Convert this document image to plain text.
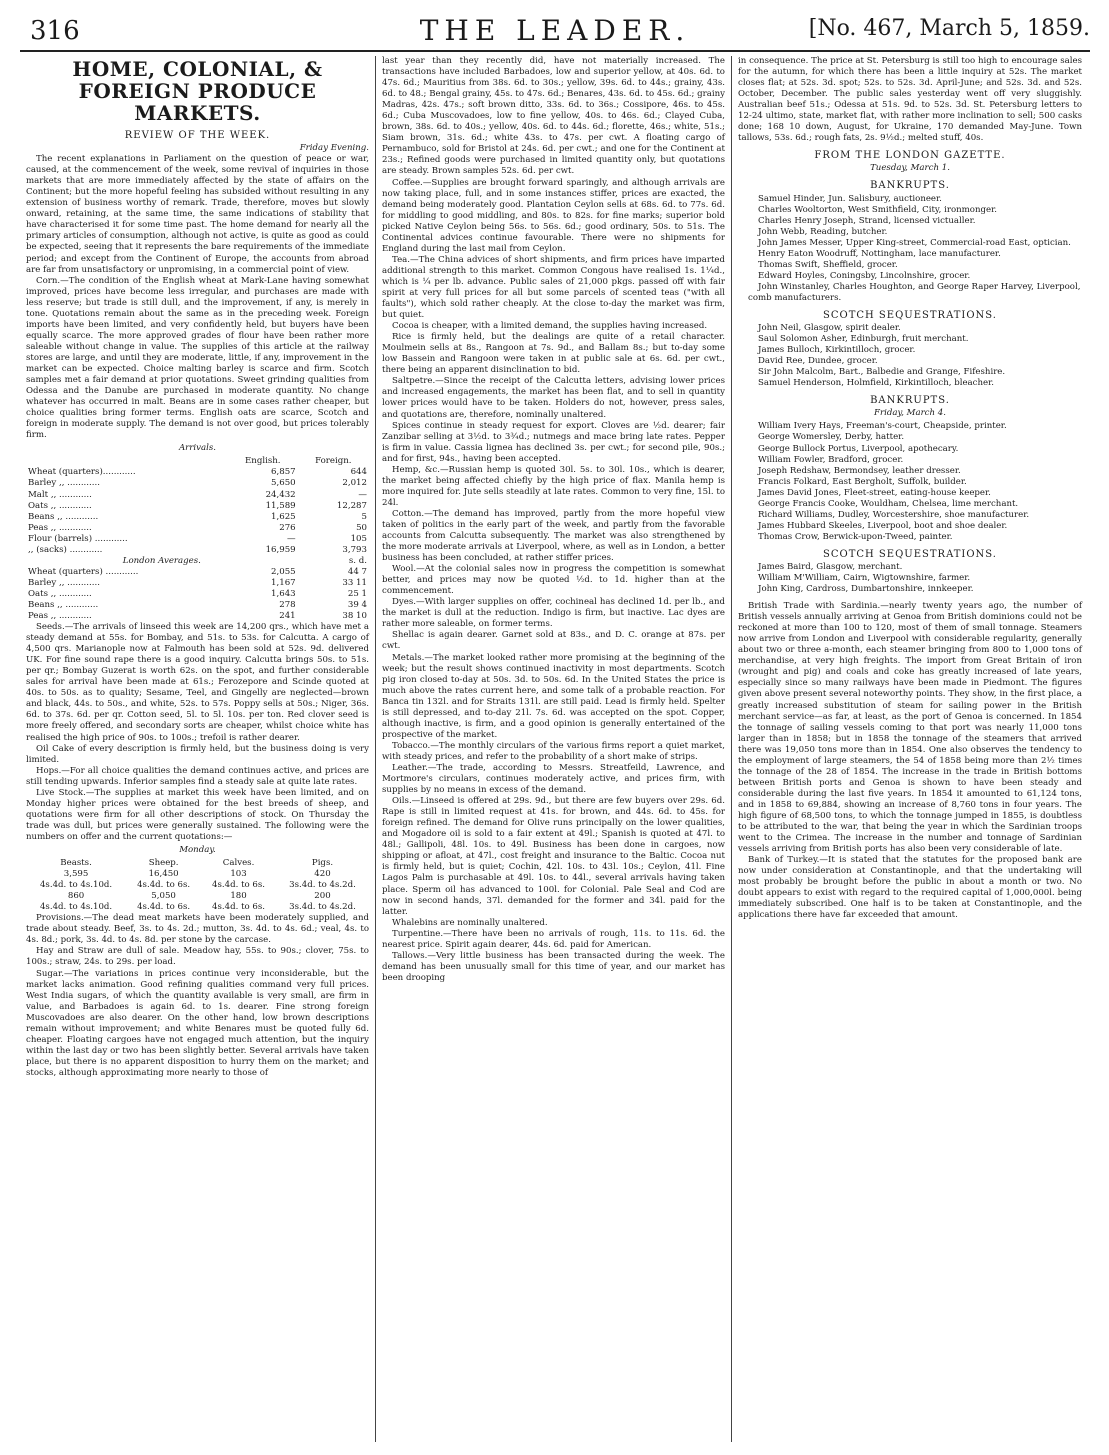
316	THE LEADER.	[No. 467, March 5, 1859.
HOME, COLONIAL, & FOREIGN PRODUCE MARKETS.
REVIEW OF THE WEEK.
Friday Evening.

The recent explanations in Parliament on the question of peace or war, caused, at the commencement of the week, some revival of inquiries in those markets that are more immediately affected by the state of affairs on the Continent; but the more hopeful feeling has subsided without resulting in any extension of business worthy of remark. Trade, therefore, moves but slowly onward, retaining, at the same time, the same indications of stability that have characterised it for some time past. The home demand for nearly all the primary articles of consumption, although not active, is quite as good as could be expected, seeing that it represents the bare requirements of the immediate period; and except from the Continent of Europe, the accounts from abroad are far from unsatisfactory or unpromising, in a commercial point of view.

Corn.—The condition of the English wheat at Mark-Lane having somewhat improved, prices have become less irregular, and purchases are made with less reserve; but trade is still dull, and the improvement, if any, is merely in tone. Quotations remain about the same as in the preceding week. Foreign imports have been limited, and very confidently held, but buyers have been equally scarce. The more approved grades of flour have been rather more saleable without change in value. The supplies of this article at the railway stores are large, and until they are moderate, little, if any, improvement in the market can be expected. Choice malting barley is scarce and firm. Scotch samples met a fair demand at prior quotations. Sweet grinding qualities from Odessa and the Danube are purchased in moderate quantity. No change whatever has occurred in malt. Beans are in some cases rather cheaper, but choice qualities bring former terms. English oats are scarce, Scotch and foreign in moderate supply. The demand is not over good, but prices tolerably firm.

Arrivals.
	English.	Foreign.
Wheat (quarters)............	6,857	644
Barley ,, ............	5,650	2,012
Malt ,, ............	24,432	—
Oats ,, ............	11,589	12,287
Beans ,, ............	1,625	5
Peas ,, ............	276	50
Flour (barrels) ............	—	105
,, (sacks) ............	16,959	3,793
London Averages.		s. d.
Wheat (quarters) ............	2,055	44 7
Barley ,, ............	1,167	33 11
Oats ,, ............	1,643	25 1
Beans ,, ............	278	39 4
Peas ,, ............	241	38 10

Seeds.—The arrivals of linseed this week are 14,200 qrs., which have met a steady demand at 55s. for Bombay, and 51s. to 53s. for Calcutta. A cargo of 4,500 qrs. Marianople now at Falmouth has been sold at 52s. 9d. delivered UK. For fine sound rape there is a good inquiry. Calcutta brings 50s. to 51s. per qr.; Bombay Guzerat is worth 62s. on the spot, and further considerable sales for arrival have been made at 61s.; Ferozepore and Scinde quoted at 40s. to 50s. as to quality; Sesame, Teel, and Gingelly are neglected—brown and black, 44s. to 50s., and white, 52s. to 57s. Poppy sells at 50s.; Niger, 36s. 6d. to 37s. 6d. per qr. Cotton seed, 5l. to 5l. 10s. per ton. Red clover seed is more freely offered, and secondary sorts are cheaper, whilst choice white has realised the high price of 90s. to 100s.; trefoil is rather dearer.

Oil Cake of every description is firmly held, but the business doing is very limited.

Hops.—For all choice qualities the demand continues active, and prices are still tending upwards. Inferior samples find a steady sale at quite late rates.

Live Stock.—The supplies at market this week have been limited, and on Monday higher prices were obtained for the best breeds of sheep, and quotations were firm for all other descriptions of stock. On Thursday the trade was dull, but prices were generally sustained. The following were the numbers on offer and the current quotations:—

Monday.
Beasts.	Sheep.	Calves.	Pigs.
3,595	16,450	103	420
4s.4d. to 4s.10d.	4s.4d. to 6s.	4s.4d. to 6s.	3s.4d. to 4s.2d.
860	5,050	180	200
4s.4d. to 4s.10d.	4s.4d. to 6s.	4s.4d. to 6s.	3s.4d. to 4s.2d.

Provisions.—The dead meat markets have been moderately supplied, and trade about steady. Beef, 3s. to 4s. 2d.; mutton, 3s. 4d. to 4s. 6d.; veal, 4s. to 4s. 8d.; pork, 3s. 4d. to 4s. 8d. per stone by the carcase.

Hay and Straw are dull of sale. Meadow hay, 55s. to 90s.; clover, 75s. to 100s.; straw, 24s. to 29s. per load.

Sugar.—The variations in prices continue very inconsiderable, but the market lacks animation. Good refining qualities command very full prices. West India sugars, of which the quantity available is very small, are firm in value, and Barbadoes is again 6d. to 1s. dearer. Fine strong foreign Muscovadoes are also dearer. On the other hand, low brown descriptions remain without improvement; and white Benares must be quoted fully 6d. cheaper. Floating cargoes have not engaged much attention, but the inquiry within the last day or two has been slightly better. Several arrivals have taken place, but there is no apparent disposition to hurry them on the market; and stocks, although approximating more nearly to those of

last year than they recently did, have not materially increased. The transactions have included Barbadoes, low and superior yellow, at 40s. 6d. to 47s. 6d.; Mauritius from 38s. 6d. to 30s.; yellow, 39s. 6d. to 44s.; grainy, 43s. 6d. to 48.; Bengal grainy, 45s. to 47s. 6d.; Benares, 43s. 6d. to 45s. 6d.; grainy Madras, 42s. 47s.; soft brown ditto, 33s. 6d. to 36s.; Cossipore, 46s. to 45s. 6d.; Cuba Muscovadoes, low to fine yellow, 40s. to 46s. 6d.; Clayed Cuba, brown, 38s. 6d. to 40s.; yellow, 40s. 6d. to 44s. 6d.; florette, 46s.; white, 51s.; Siam brown, 31s. 6d.; white 43s. to 47s. per cwt. A floating cargo of Pernambuco, sold for Bristol at 24s. 6d. per cwt.; and one for the Continent at 23s.; Refined goods were purchased in limited quantity only, but quotations are steady. Brown samples 52s. 6d. per cwt.

Coffee.—Supplies are brought forward sparingly, and although arrivals are now taking place, full, and in some instances stiffer, prices are exacted, the demand being moderately good. Plantation Ceylon sells at 68s. 6d. to 77s. 6d. for middling to good middling, and 80s. to 82s. for fine marks; superior bold picked Native Ceylon being 56s. to 56s. 6d.; good ordinary, 50s. to 51s. The Continental advices continue favourable. There were no shipments for England during the last mail from Ceylon.

Tea.—The China advices of short shipments, and firm prices have imparted additional strength to this market. Common Congous have realised 1s. 1¼d., which is ¼ per lb. advance. Public sales of 21,000 pkgs. passed off with fair spirit at very full prices for all but some parcels of scented teas ("with all faults"), which sold rather cheaply. At the close to-day the market was firm, but quiet.

Cocoa is cheaper, with a limited demand, the supplies having increased.

Rice is firmly held, but the dealings are quite of a retail character. Moulmein sells at 8s., Rangoon at 7s. 9d., and Ballam 8s.; but to-day some low Bassein and Rangoon were taken in at public sale at 6s. 6d. per cwt., there being an apparent disinclination to bid.

Saltpetre.—Since the receipt of the Calcutta letters, advising lower prices and increased engagements, the market has been flat, and to sell in quantity lower prices would have to be taken. Holders do not, however, press sales, and quotations are, therefore, nominally unaltered.

Spices continue in steady request for export. Cloves are ½d. dearer; fair Zanzibar selling at 3½d. to 3¾d.; nutmegs and mace bring late rates. Pepper is firm in value. Cassia lignea has declined 3s. per cwt.; for second pile, 90s.; and for first, 94s., having been accepted.

Hemp, &c.—Russian hemp is quoted 30l. 5s. to 30l. 10s., which is dearer, the market being affected chiefly by the high price of flax. Manila hemp is more inquired for. Jute sells steadily at late rates. Common to very fine, 15l. to 24l.

Cotton.—The demand has improved, partly from the more hopeful view taken of politics in the early part of the week, and partly from the favorable accounts from Calcutta subsequently. The market was also strengthened by the more moderate arrivals at Liverpool, where, as well as in London, a better business has been concluded, at rather stiffer prices.

Wool.—At the colonial sales now in progress the competition is somewhat better, and prices may now be quoted ½d. to 1d. higher than at the commencement.

Dyes.—With larger supplies on offer, cochineal has declined 1d. per lb., and the market is dull at the reduction. Indigo is firm, but inactive. Lac dyes are rather more saleable, on former terms.

Shellac is again dearer. Garnet sold at 83s., and D. C. orange at 87s. per cwt.

Metals.—The market looked rather more promising at the beginning of the week; but the result shows continued inactivity in most departments. Scotch pig iron closed to-day at 50s. 3d. to 50s. 6d. In the United States the price is much above the rates current here, and some talk of a probable reaction. For Banca tin 132l. and for Straits 131l. are still paid. Lead is firmly held. Spelter is still depressed, and to-day 21l. 7s. 6d. was accepted on the spot. Copper, although inactive, is firm, and a good opinion is generally entertained of the prospective of the market.

Tobacco.—The monthly circulars of the various firms report a quiet market, with steady prices, and refer to the probability of a short make of strips.

Leather.—The trade, according to Messrs. Streatfeild, Lawrence, and Mortmore's circulars, continues moderately active, and prices firm, with supplies by no means in excess of the demand.

Oils.—Linseed is offered at 29s. 9d., but there are few buyers over 29s. 6d. Rape is still in limited request at 41s. for brown, and 44s. 6d. to 45s. for foreign refined. The demand for Olive runs principally on the lower qualities, and Mogadore oil is sold to a fair extent at 49l.; Spanish is quoted at 47l. to 48l.; Gallipoli, 48l. 10s. to 49l. Business has been done in cargoes, now shipping or afloat, at 47l., cost freight and insurance to the Baltic. Cocoa nut is firmly held, but is quiet; Cochin, 42l. 10s. to 43l. 10s.; Ceylon, 41l. Fine Lagos Palm is purchasable at 49l. 10s. to 44l., several arrivals having taken place. Sperm oil has advanced to 100l. for Colonial. Pale Seal and Cod are now in second hands, 37l. demanded for the former and 34l. paid for the latter.

Whalebins are nominally unaltered.

Turpentine.—There have been no arrivals of rough, 11s. to 11s. 6d. the nearest price. Spirit again dearer, 44s. 6d. paid for American.

Tallows.—Very little business has been transacted during the week. The demand has been unusually small for this time of year, and our market has been drooping

in consequence. The price at St. Petersburg is still too high to encourage sales for the autumn, for which there has been a little inquiry at 52s. The market closes flat; at 52s. 3d. spot; 52s. to 52s. 3d. April-June; and 52s. 3d. and 52s. October, December. The public sales yesterday went off very sluggishly. Australian beef 51s.; Odessa at 51s. 9d. to 52s. 3d. St. Petersburg letters to 12-24 ultimo, state, market flat, with rather more inclination to sell; 500 casks done; 168 10 down, August, for Ukraine, 170 demanded May-June. Town tallows, 53s. 6d.; rough fats, 2s. 9½d.; melted stuff, 40s.

FROM THE LONDON GAZETTE.
Tuesday, March 1.
BANKRUPTS.

Samuel Hinder, Jun. Salisbury, auctioneer.

Charles Wooltorton, West Smithfield, City, ironmonger.

Charles Henry Joseph, Strand, licensed victualler.

John Webb, Reading, butcher.

John James Messer, Upper King-street, Commercial-road East, optician.

Henry Eaton Woodruff, Nottingham, lace manufacturer.

Thomas Swift, Sheffield, grocer.

Edward Hoyles, Coningsby, Lincolnshire, grocer.

John Winstanley, Charles Houghton, and George Raper Harvey, Liverpool, comb manufacturers.

SCOTCH SEQUESTRATIONS.

John Neil, Glasgow, spirit dealer.

Saul Solomon Asher, Edinburgh, fruit merchant.

James Bulloch, Kirkintilloch, grocer.

David Ree, Dundee, grocer.

Sir John Malcolm, Bart., Balbedie and Grange, Fifeshire.

Samuel Henderson, Holmfield, Kirkintilloch, bleacher.

BANKRUPTS.
Friday, March 4.

William Ivery Hays, Freeman's-court, Cheapside, printer.

George Womersley, Derby, hatter.

George Bullock Portus, Liverpool, apothecary.

William Fowler, Bradford, grocer.

Joseph Redshaw, Bermondsey, leather dresser.

Francis Folkard, East Bergholt, Suffolk, builder.

James David Jones, Fleet-street, eating-house keeper.

George Francis Cooke, Wouldham, Chelsea, lime merchant.

Richard Williams, Dudley, Worcestershire, shoe manufacturer.

James Hubbard Skeeles, Liverpool, boot and shoe dealer.

Thomas Crow, Berwick-upon-Tweed, painter.

SCOTCH SEQUESTRATIONS.

James Baird, Glasgow, merchant.

William M'William, Cairn, Wigtownshire, farmer.

John King, Cardross, Dumbartonshire, innkeeper.

British Trade with Sardinia.—nearly twenty years ago, the number of British vessels annually arriving at Genoa from British dominions could not be reckoned at more than 100 to 120, most of them of small tonnage. Steamers now arrive from London and Liverpool with considerable regularity, generally about two or three a-month, each steamer bringing from 800 to 1,000 tons of merchandise, at very high freights. The import from Great Britain of iron (wrought and pig) and coals and coke has greatly increased of late years, especially since so many railways have been made in Piedmont. The figures given above present several noteworthy points. They show, in the first place, a greatly increased substitution of steam for sailing power in the British merchant service—as far, at least, as the port of Genoa is concerned. In 1854 the tonnage of sailing vessels coming to that port was nearly 11,000 tons larger than in 1858; but in 1858 the tonnage of the steamers that arrived there was 19,050 tons more than in 1854. One also observes the tendency to the employment of large steamers, the 54 of 1858 being more than 2½ times the tonnage of the 28 of 1854. The increase in the trade in British bottoms between British ports and Genoa is shown to have been steady and considerable during the last five years. In 1854 it amounted to 61,124 tons, and in 1858 to 69,884, showing an increase of 8,760 tons in four years. The high figure of 68,500 tons, to which the tonnage jumped in 1855, is doubtless to be attributed to the war, that being the year in which the Sardinian troops went to the Crimea. The increase in the number and tonnage of Sardinian vessels arriving from British ports has also been very considerable of late.

Bank of Turkey.—It is stated that the statutes for the proposed bank are now under consideration at Constantinople, and that the undertaking will most probably be brought before the public in about a month or two. No doubt appears to exist with regard to the required capital of 1,000,000l. being immediately subscribed. One half is to be taken at Constantinople, and the applications there have far exceeded that amount.
